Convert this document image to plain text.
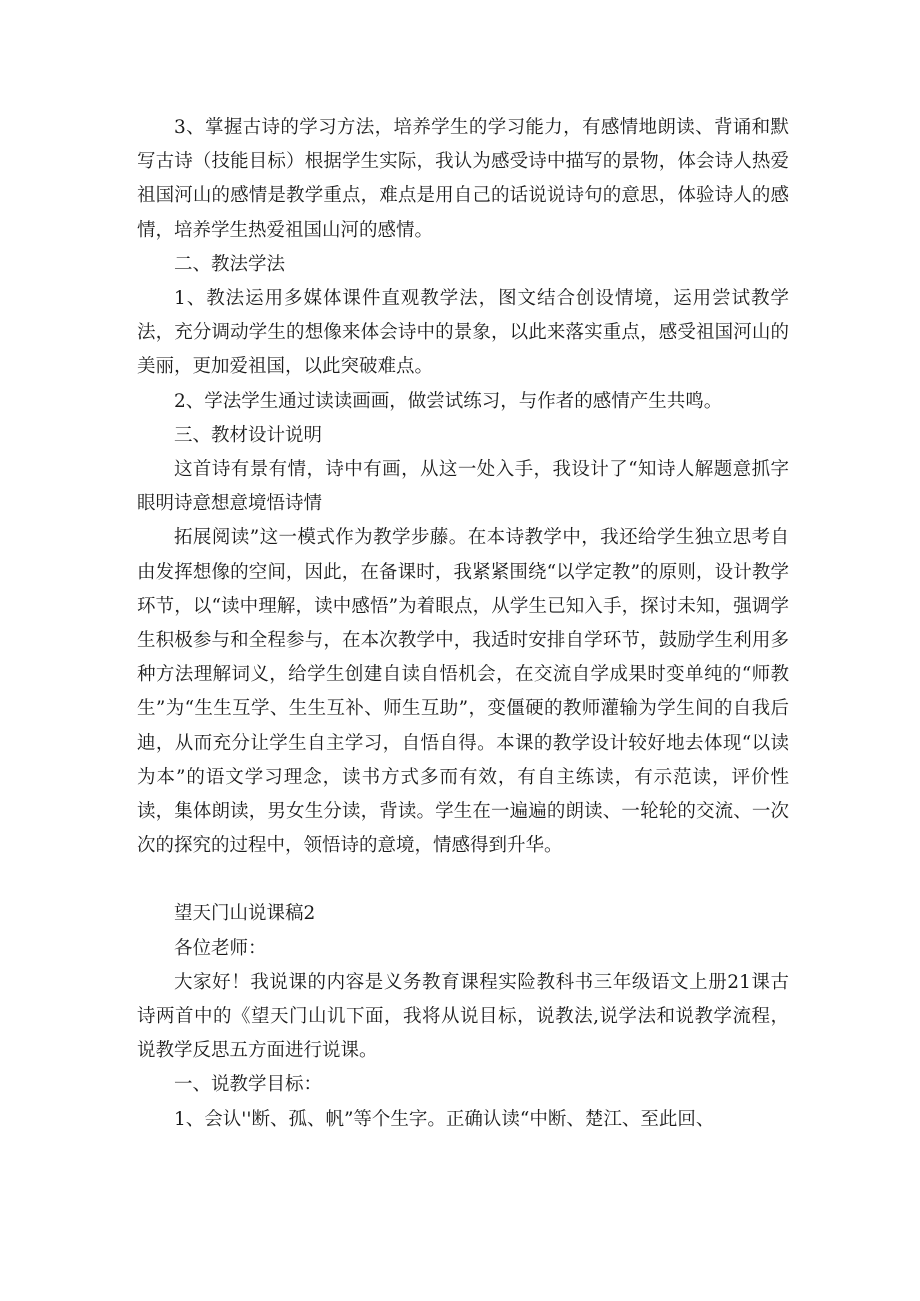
3、掌握古诗的学习方法，培养学生的学习能力，有感情地朗读、背诵和默写古诗（技能目标）根据学生实际，我认为感受诗中描写的景物，体会诗人热爱祖国河山的感情是教学重点，难点是用自己的话说说诗句的意思，体验诗人的感情，培养学生热爱祖国山河的感情。

二、教法学法

1、教法运用多媒体课件直观教学法，图文结合创设情境，运用尝试教学法，充分调动学生的想像来体会诗中的景象，以此来落实重点，感受祖国河山的美丽，更加爱祖国，以此突破难点。

2、学法学生通过读读画画，做尝试练习，与作者的感情产生共鸣。

三、教材设计说明

这首诗有景有情，诗中有画，从这一处入手，我设计了“知诗人解题意抓字眼明诗意想意境悟诗情

拓展阅读”这一模式作为教学步藤。在本诗教学中，我还给学生独立思考自由发挥想像的空间，因此，在备课时，我紧紧围绕“以学定教”的原则，设计教学环节，以“读中理解，读中感悟”为着眼点，从学生已知入手，探讨未知，强调学生积极参与和全程参与，在本次教学中，我适时安排自学环节，鼓励学生利用多种方法理解词义，给学生创建自读自悟机会，在交流自学成果时变单纯的“师教生”为“生生互学、生生互补、师生互助”，变僵硬的教师灌输为学生间的自我后迪，从而充分让学生自主学习，自悟自得。本课的教学设计较好地去体现“以读为本”的语文学习理念，读书方式多而有效，有自主练读，有示范读，评价性读，集体朗读，男女生分读，背读。学生在一遍遍的朗读、一轮轮的交流、一次次的探究的过程中，领悟诗的意境，情感得到升华。

望天门山说课稿2

各位老师：

大家好！我说课的内容是义务教育课程实险教科书三年级语文上册21课古诗两首中的《望天门山讥下面，我将从说目标，说教法,说学法和说教学流程，说教学反思五方面进行说课。

一、说教学目标：

1、会认''断、孤、帆”等个生字。正确认读“中断、楚江、至此回、
